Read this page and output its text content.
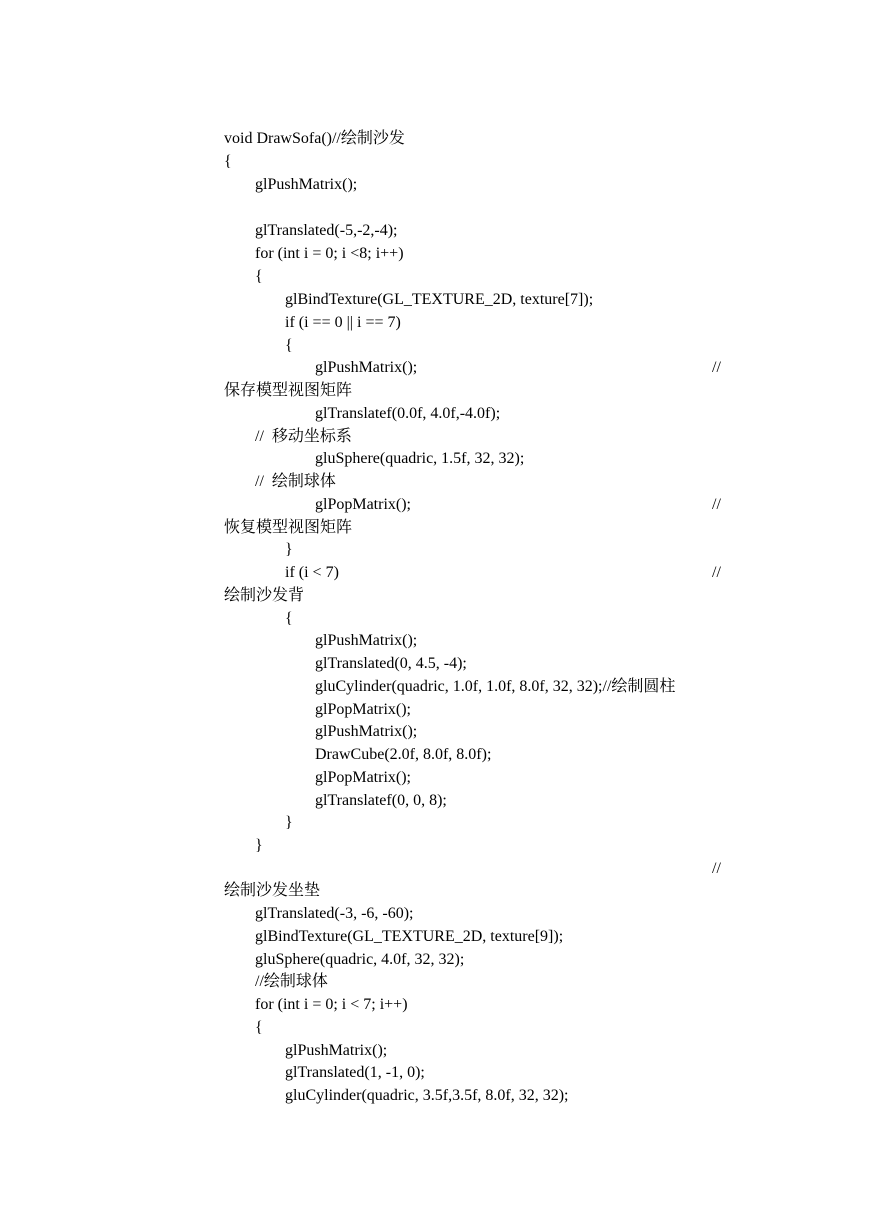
void DrawSofa()//绘制沙发
{
glPushMatrix();
glTranslated(-5,-2,-4);
for (int i = 0; i <8; i++)
{
glBindTexture(GL_TEXTURE_2D, texture[7]);
if (i == 0 || i == 7)
{
glPushMatrix();	//
保存模型视图矩阵
glTranslatef(0.0f, 4.0f,-4.0f);
//  移动坐标系
gluSphere(quadric, 1.5f, 32, 32);
//  绘制球体
glPopMatrix();	//
恢复模型视图矩阵
}
if (i < 7)	//
绘制沙发背
{
glPushMatrix();
glTranslated(0, 4.5, -4);
gluCylinder(quadric, 1.0f, 1.0f, 8.0f, 32, 32);//绘制圆柱
glPopMatrix();
glPushMatrix();
DrawCube(2.0f, 8.0f, 8.0f);
glPopMatrix();
glTranslatef(0, 0, 8);
}
}
//
绘制沙发坐垫
glTranslated(-3, -6, -60);
glBindTexture(GL_TEXTURE_2D, texture[9]);
gluSphere(quadric, 4.0f, 32, 32);
//绘制球体
for (int i = 0; i < 7; i++)
{
glPushMatrix();
glTranslated(1, -1, 0);
gluCylinder(quadric, 3.5f,3.5f, 8.0f, 32, 32);
